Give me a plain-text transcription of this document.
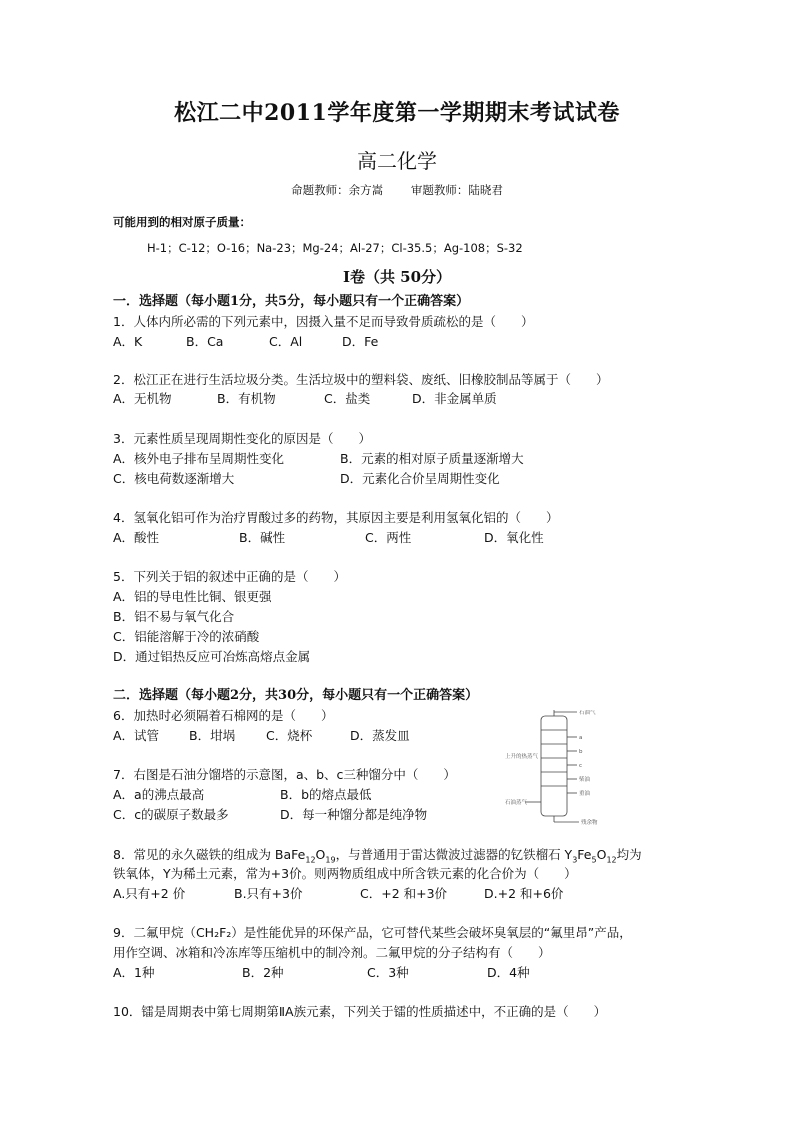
松江二中2011学年度第一学期期末考试试卷
高二化学
命题教师：余方嵩 审题教师：陆晓君
可能用到的相对原子质量：
H-1；C-12；O-16；Na-23；Mg-24；Al-27；Cl-35.5；Ag-108；S-32
I卷（共 50分）
一．选择题（每小题1分，共5分，每小题只有一个正确答案）
1．人体内所必需的下列元素中，因摄入量不足而导致骨质疏松的是（　　）
A．K	B．Ca	C．Al	D．Fe
2．松江正在进行生活垃圾分类。生活垃圾中的塑料袋、废纸、旧橡胶制品等属于（　　）
A．无机物	B．有机物	C．盐类	D．非金属单质
3．元素性质呈现周期性变化的原因是（　　）
A．核外电子排布呈周期性变化	B．元素的相对原子质量逐渐增大
C．核电荷数逐渐增大	D．元素化合价呈周期性变化
4．氢氧化铝可作为治疗胃酸过多的药物，其原因主要是利用氢氧化铝的（　　）
A．酸性	B．碱性	C．两性	D．氧化性
5．下列关于铝的叙述中正确的是（　　）
A．铝的导电性比铜、银更强
B．铝不易与氧气化合
C．铝能溶解于冷的浓硝酸
D．通过铝热反应可冶炼高熔点金属
二．选择题（每小题2分，共30分，每小题只有一个正确答案）
6．加热时必须隔着石棉网的是（　　）
A．试管 B．坩埚 C．烧杯	D．蒸发皿
7．右图是石油分馏塔的示意图，a、b、c三种馏分中（　　）
A．a的沸点最高	B．b的熔点最低
C．c的碳原子数最多	D．每一种馏分都是纯净物
石油气
a
b
c
柴油
重油
上升的热蒸气
石油蒸气
残余物
8．常见的永久磁铁的组成为 $BaFe_{12}O_{19}$，与普通用于雷达微波过滤器的钇铁榴石 $Y_3Fe_5O_{12}$均为
铁氧体，Y为稀土元素，常为+3价。则两物质组成中所含铁元素的化合价为（　　）
A.只有+2 价	B.只有+3价	C．+2 和+3价	D.+2 和+6价
9．二氟甲烷（CH₂F₂）是性能优异的环保产品，它可替代某些会破坏臭氧层的“氟里昂”产品，
用作空调、冰箱和冷冻库等压缩机中的制冷剂。二氟甲烷的分子结构有（　　）
A．1种	B．2种	C．3种	D．4种
10．镭是周期表中第七周期第ⅡA族元素，下列关于镭的性质描述中，不正确的是（　　）
